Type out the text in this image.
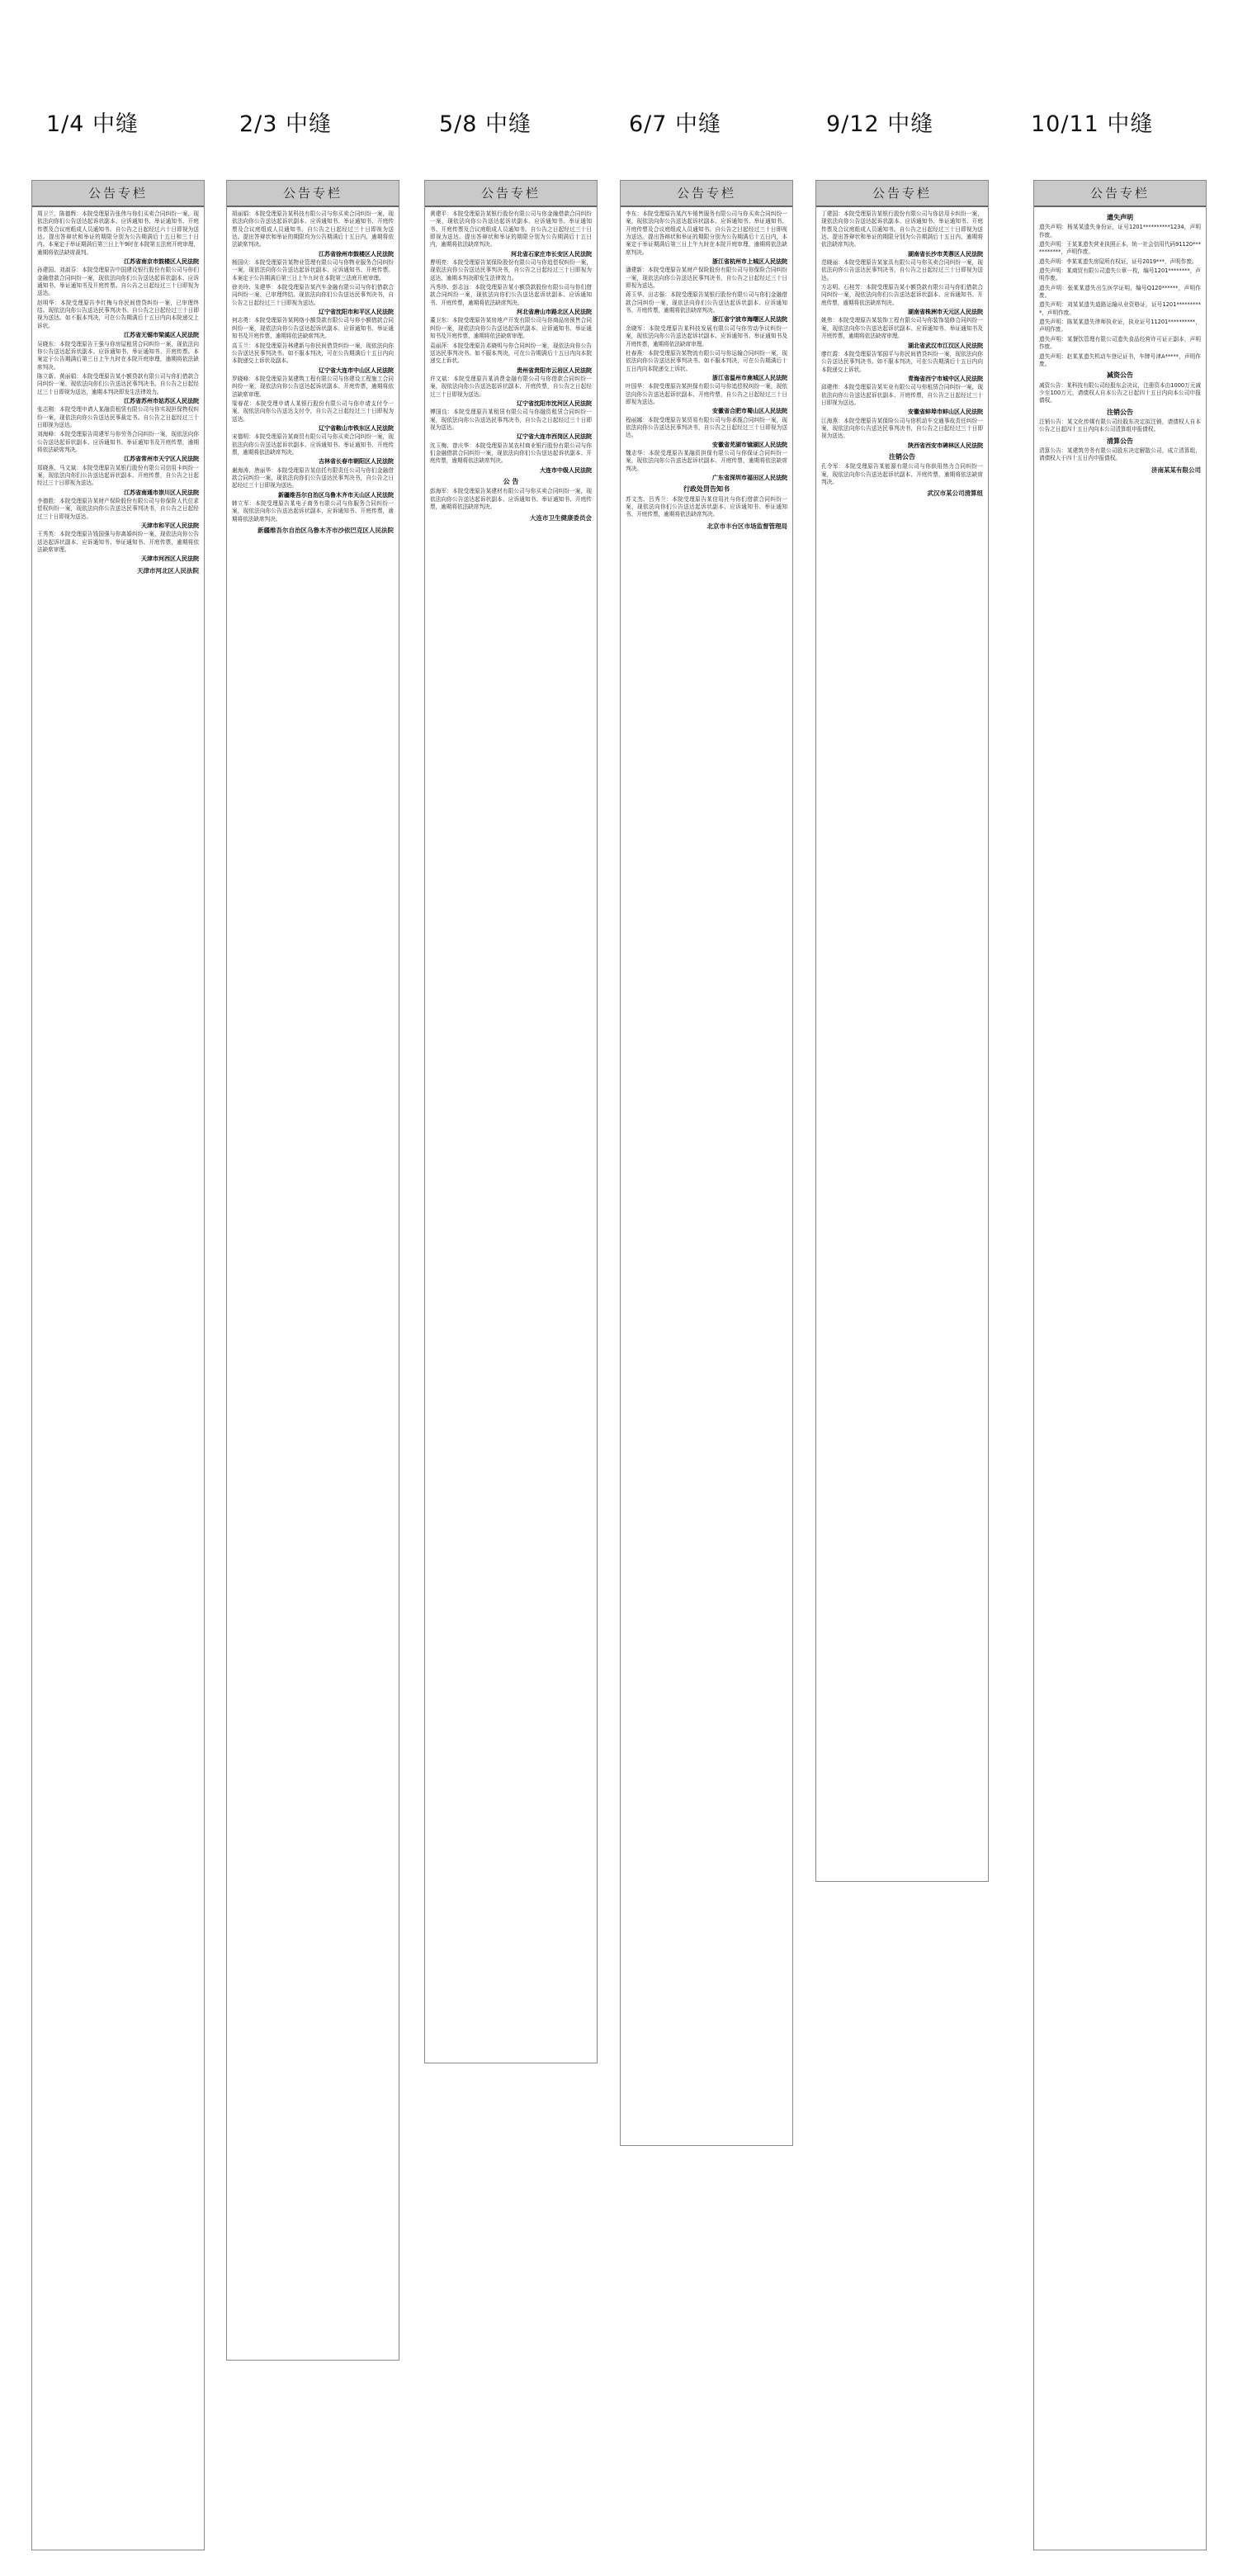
1/4 中缝	2/3 中缝	5/8 中缝	6/7 中缝	9/12 中缝	10/11 中缝
公告专栏

周卫兰、陈德辉：本院受理原告张伟与你们买卖合同纠纷一案，现依法向你们公告送达起诉状副本、应诉通知书、举证通知书、开庭传票及合议庭组成人员通知书。自公告之日起经过六十日即视为送达。提出答辩状和举证的期限分别为公告期满后十五日和三十日内。本案定于举证期满后第三日上午9时在本院第五法庭开庭审理，逾期将依法缺席裁判。

江苏省南京市鼓楼区人民法院

孙建国、刘淑芬：本院受理原告中国建设银行股份有限公司与你们金融借款合同纠纷一案，现依法向你们公告送达起诉状副本、应诉通知书、举证通知书及开庭传票。自公告之日起经过三十日即视为送达。

赵明华：本院受理原告李红梅与你民间借贷纠纷一案，已审理终结。现依法向你公告送达民事判决书。自公告之日起经过三十日即视为送达。如不服本判决，可在公告期满后十五日内向本院递交上诉状。

江苏省无锡市梁溪区人民法院

吴晓东：本院受理原告王强与你房屋租赁合同纠纷一案，现依法向你公告送达起诉状副本、应诉通知书、举证通知书、开庭传票。本案定于公告期满后第三日上午九时在本院开庭审理，逾期将依法缺席判决。

陈立新、黄丽娟：本院受理原告某小额贷款有限公司与你们借款合同纠纷一案，现依法向你们公告送达民事判决书。自公告之日起经过三十日即视为送达，逾期本判决即发生法律效力。

江苏省苏州市姑苏区人民法院

张志刚：本院受理申请人某融资租赁有限公司与你实现担保物权纠纷一案，现依法向你公告送达民事裁定书。自公告之日起经过三十日即视为送达。

刘海峰：本院受理原告周建军与你劳务合同纠纷一案，现依法向你公告送达起诉状副本、应诉通知书、举证通知书及开庭传票，逾期将依法缺席判决。

江苏省常州市天宁区人民法院

郑晓燕、马文斌：本院受理原告某银行股份有限公司信用卡纠纷一案，现依法向你们公告送达起诉状副本、开庭传票，自公告之日起经过三十日即视为送达。

江苏省南通市崇川区人民法院

李德胜：本院受理原告某财产保险股份有限公司与你保险人代位求偿权纠纷一案，现依法向你公告送达民事判决书，自公告之日起经过三十日即视为送达。

天津市和平区人民法院

王秀英：本院受理原告钱国强与你离婚纠纷一案，现依法向你公告送达起诉状副本、应诉通知书、举证通知书、开庭传票，逾期将依法缺席审理。

天津市河西区人民法院
天津市河北区人民法院
公告专栏

胡丽娟：本院受理原告某科技有限公司与你买卖合同纠纷一案，现依法向你公告送达起诉状副本、应诉通知书、举证通知书、开庭传票及合议庭组成人员通知书。自公告之日起经过三十日即视为送达。提出答辩状和举证的期限均为公告期满后十五日内，逾期将依法缺席判决。

江苏省徐州市鼓楼区人民法院

杨国庆：本院受理原告某物业管理有限公司与你物业服务合同纠纷一案，现依法向你公告送达起诉状副本、应诉通知书、开庭传票。本案定于公告期满后第三日上午九时在本院第三法庭开庭审理。

徐美玲、朱建华：本院受理原告某汽车金融有限公司与你们借款合同纠纷一案，已审理终结。现依法向你们公告送达民事判决书，自公告之日起经过三十日即视为送达。

辽宁省沈阳市和平区人民法院

何志勇：本院受理原告某网络小额贷款有限公司与你小额借款合同纠纷一案，现依法向你公告送达起诉状副本、应诉通知书、举证通知书及开庭传票，逾期将依法缺席判决。

高玉兰：本院受理原告林建新与你民间借贷纠纷一案，现依法向你公告送达民事判决书。如不服本判决，可在公告期满后十五日内向本院递交上诉状及副本。

辽宁省大连市中山区人民法院

罗晓峰：本院受理原告某建筑工程有限公司与你建设工程施工合同纠纷一案，现依法向你公告送达起诉状副本、开庭传票，逾期将依法缺席审理。

梁春花：本院受理申请人某银行股份有限公司与你申请支付令一案，现依法向你公告送达支付令，自公告之日起经过三十日即视为送达。

辽宁省鞍山市铁东区人民法院

宋德明：本院受理原告某商贸有限公司与你买卖合同纠纷一案，现依法向你公告送达起诉状副本、应诉通知书、举证通知书、开庭传票，逾期将依法缺席判决。

吉林省长春市朝阳区人民法院

谢海涛、唐丽华：本院受理原告某信托有限责任公司与你们金融借款合同纠纷一案，现依法向你们公告送达民事判决书，自公告之日起经过三十日即视为送达。

新疆维吾尔自治区乌鲁木齐市天山区人民法院

韩立军：本院受理原告某电子商务有限公司与你服务合同纠纷一案，现依法向你公告送达起诉状副本、应诉通知书、开庭传票，逾期将依法缺席判决。

新疆维吾尔自治区乌鲁木齐市沙依巴克区人民法院
公告专栏

黄建平：本院受理原告某银行股份有限公司与你金融借款合同纠纷一案，现依法向你公告送达起诉状副本、应诉通知书、举证通知书、开庭传票及合议庭组成人员通知书。自公告之日起经过三十日即视为送达。提出答辩状和举证的期限分别为公告期满后十五日内，逾期将依法缺席判决。

河北省石家庄市长安区人民法院

曹明亮：本院受理原告某保险股份有限公司与你追偿权纠纷一案，现依法向你公告送达民事判决书，自公告之日起经过三十日即视为送达，逾期本判决即发生法律效力。

冯秀珍、彭志远：本院受理原告某小额贷款股份有限公司与你们借款合同纠纷一案，现依法向你们公告送达起诉状副本、应诉通知书、开庭传票，逾期将依法缺席判决。

河北省唐山市路北区人民法院

董卫东：本院受理原告某房地产开发有限公司与你商品房预售合同纠纷一案，现依法向你公告送达起诉状副本、应诉通知书、举证通知书及开庭传票，逾期将依法缺席审理。

袁丽萍：本院受理原告邓晓明与你合同纠纷一案，现依法向你公告送达民事判决书。如不服本判决，可在公告期满后十五日内向本院递交上诉状。

贵州省贵阳市云岩区人民法院

许文斌：本院受理原告某消费金融有限公司与你借款合同纠纷一案，现依法向你公告送达起诉状副本、开庭传票，自公告之日起经过三十日即视为送达。

辽宁省沈阳市沈河区人民法院

傅国良：本院受理原告某租赁有限公司与你融资租赁合同纠纷一案，现依法向你公告送达民事判决书，自公告之日起经过三十日即视为送达。

辽宁省大连市西岗区人民法院

沈玉梅、曾庆华：本院受理原告某农村商业银行股份有限公司与你们金融借款合同纠纷一案，现依法向你们公告送达起诉状副本、开庭传票，逾期将依法缺席判决。

大连市中级人民法院
公 告

彭海军：本院受理原告某建材有限公司与你买卖合同纠纷一案，现依法向你公告送达起诉状副本、应诉通知书、举证通知书、开庭传票，逾期将依法缺席判决。

大连市卫生健康委员会
公告专栏

李东：本院受理原告某汽车销售服务有限公司与你买卖合同纠纷一案，现依法向你公告送达起诉状副本、应诉通知书、举证通知书、开庭传票及合议庭组成人员通知书。自公告之日起经过三十日即视为送达。提出答辩状和举证的期限分别为公告期满后十五日内，本案定于举证期满后第三日上午九时在本院开庭审理，逾期将依法缺席判决。

浙江省杭州市上城区人民法院

潘建新：本院受理原告某财产保险股份有限公司与你保险合同纠纷一案，现依法向你公告送达民事判决书，自公告之日起经过三十日即视为送达。

蒋玉华、田志强：本院受理原告某银行股份有限公司与你们金融借款合同纠纷一案，现依法向你们公告送达起诉状副本、应诉通知书、开庭传票，逾期将依法缺席判决。

浙江省宁波市海曙区人民法院

余晓军：本院受理原告某科技发展有限公司与你劳动争议纠纷一案，现依法向你公告送达起诉状副本、应诉通知书、举证通知书及开庭传票，逾期将依法缺席审理。

杜春燕：本院受理原告某物流有限公司与你运输合同纠纷一案，现依法向你公告送达民事判决书。如不服本判决，可在公告期满后十五日内向本院递交上诉状。

浙江省温州市鹿城区人民法院

叶国华：本院受理原告某担保有限公司与你追偿权纠纷一案，现依法向你公告送达起诉状副本、开庭传票，自公告之日起经过三十日即视为送达。

安徽省合肥市蜀山区人民法院

程丽娜：本院受理原告某贸易有限公司与你承揽合同纠纷一案，现依法向你公告送达民事判决书，自公告之日起经过三十日即视为送达。

安徽省芜湖市镜湖区人民法院

魏志华：本院受理原告某融资担保有限公司与你保证合同纠纷一案，现依法向你公告送达起诉状副本、开庭传票，逾期将依法缺席判决。

广东省深圳市福田区人民法院
行政处罚告知书

苏文杰、吕秀兰：本院受理原告某信用社与你们借款合同纠纷一案，现依法向你们公告送达起诉状副本、应诉通知书、举证通知书、开庭传票，逾期将依法缺席判决。

北京市丰台区市场监督管理局
公告专栏

丁建国：本院受理原告某银行股份有限公司与你信用卡纠纷一案，现依法向你公告送达起诉状副本、应诉通知书、举证通知书、开庭传票及合议庭组成人员通知书。自公告之日起经过三十日即视为送达。提出答辩状和举证的期限分别为公告期满后十五日内，逾期将依法缺席判决。

湖南省长沙市芙蓉区人民法院

范晓丽：本院受理原告某家具有限公司与你买卖合同纠纷一案，现依法向你公告送达民事判决书，自公告之日起经过三十日即视为送达。

方志明、石桂芳：本院受理原告某小额贷款有限公司与你们借款合同纠纷一案，现依法向你们公告送达起诉状副本、应诉通知书、开庭传票，逾期将依法缺席判决。

湖南省株洲市天元区人民法院

姚伟：本院受理原告某装饰工程有限公司与你装饰装修合同纠纷一案，现依法向你公告送达起诉状副本、应诉通知书、举证通知书及开庭传票，逾期将依法缺席审理。

湖北省武汉市江汉区人民法院

廖红霞：本院受理原告邹国平与你民间借贷纠纷一案，现依法向你公告送达民事判决书。如不服本判决，可在公告期满后十五日内向本院递交上诉状。

青海省西宁市城中区人民法院

邱建伟：本院受理原告某实业有限公司与你租赁合同纠纷一案，现依法向你公告送达起诉状副本、开庭传票，自公告之日起经过三十日即视为送达。

安徽省蚌埠市蚌山区人民法院

江海燕：本院受理原告某保险公司与你机动车交通事故责任纠纷一案，现依法向你公告送达民事判决书，自公告之日起经过三十日即视为送达。

陕西省西安市碑林区人民法院
注销公告

孔令军：本院受理原告某能源有限公司与你供用热力合同纠纷一案，现依法向你公告送达起诉状副本、开庭传票，逾期将依法缺席判决。

武汉市某公司清算组
公告专栏
遗失声明

遗失声明：杨某某遗失身份证，证号1201**********1234，声明作废。

遗失声明：王某某遗失营业执照正本，统一社会信用代码91120***********，声明作废。

遗失声明：李某某遗失房屋所有权证，证号2019***，声明作废。

遗失声明：某商贸有限公司遗失公章一枚，编号1201********，声明作废。

遗失声明：张某某遗失出生医学证明，编号Q120******，声明作废。

遗失声明：刘某某遗失道路运输从业资格证，证号1201**********，声明作废。

遗失声明：陈某某遗失律师执业证，执业证号11201**********，声明作废。

遗失声明：某餐饮管理有限公司遗失食品经营许可证正副本，声明作废。

遗失声明：赵某某遗失机动车登记证书，车牌号津A*****，声明作废。

减资公告

减资公告：某科技有限公司经股东会决议，注册资本由1000万元减少至100万元，请债权人自本公告之日起四十五日内向本公司申报债权。

注销公告

注销公告：某文化传媒有限公司经股东决定拟注销，请债权人自本公告之日起四十五日内向本公司清算组申报债权。

清算公告

清算公告：某建筑劳务有限公司股东决定解散公司，成立清算组，请债权人于四十五日内申报债权。

济南某某有限公司
